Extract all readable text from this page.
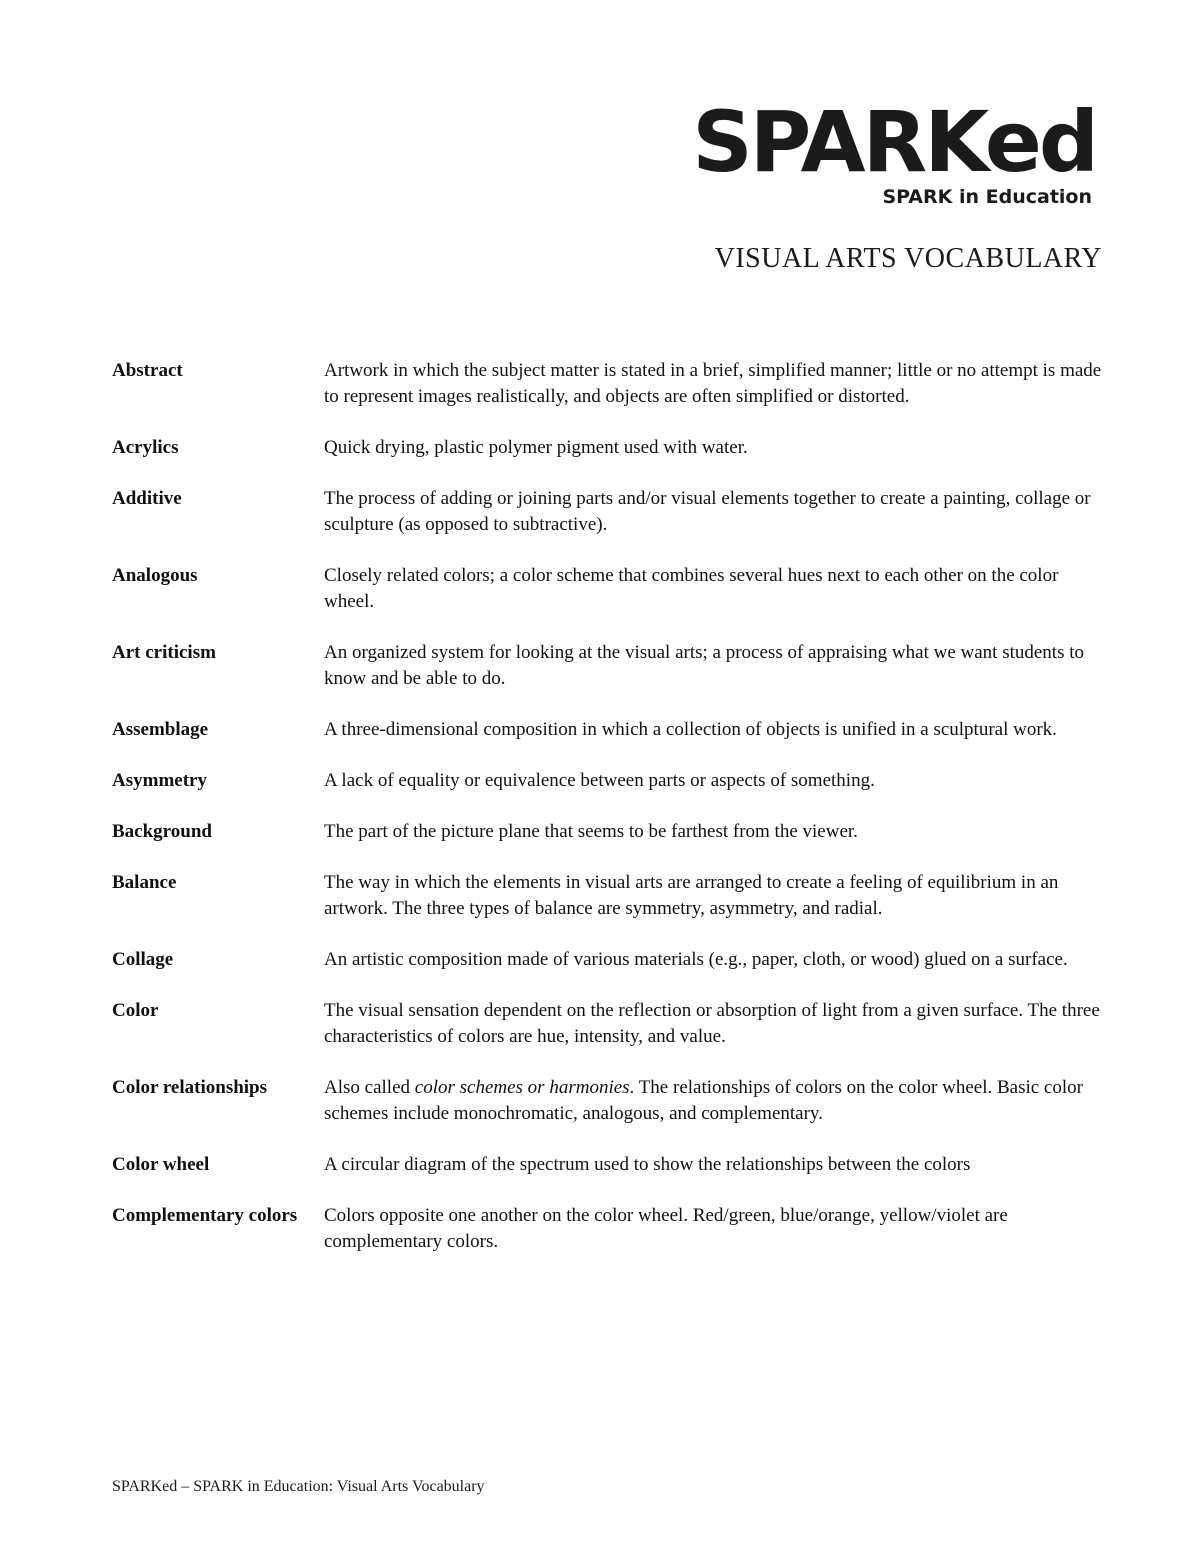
SPARKed
SPARK in Education
VISUAL ARTS VOCABULARY
Abstract	Artwork in which the subject matter is stated in a brief, simplified manner; little or no attempt is made to represent images realistically, and objects are often simplified or distorted.
Acrylics	Quick drying, plastic polymer pigment used with water.
Additive	The process of adding or joining parts and/or visual elements together to create a painting, collage or sculpture (as opposed to subtractive).
Analogous	Closely related colors; a color scheme that combines several hues next to each other on the color wheel.
Art criticism	An organized system for looking at the visual arts; a process of appraising what we want students to know and be able to do.
Assemblage	A three-dimensional composition in which a collection of objects is unified in a sculptural work.
Asymmetry	A lack of equality or equivalence between parts or aspects of something.
Background	The part of the picture plane that seems to be farthest from the viewer.
Balance	The way in which the elements in visual arts are arranged to create a feeling of equilibrium in an artwork. The three types of balance are symmetry, asymmetry, and radial.
Collage	An artistic composition made of various materials (e.g., paper, cloth, or wood) glued on a surface.
Color	The visual sensation dependent on the reflection or absorption of light from a given surface. The three characteristics of colors are hue, intensity, and value.
Color relationships	Also called color schemes or harmonies. The relationships of colors on the color wheel. Basic color schemes include monochromatic, analogous, and complementary.
Color wheel	A circular diagram of the spectrum used to show the relationships between the colors
Complementary colors	Colors opposite one another on the color wheel. Red/green, blue/orange, yellow/violet are complementary colors.
SPARKed – SPARK in Education: Visual Arts Vocabulary
